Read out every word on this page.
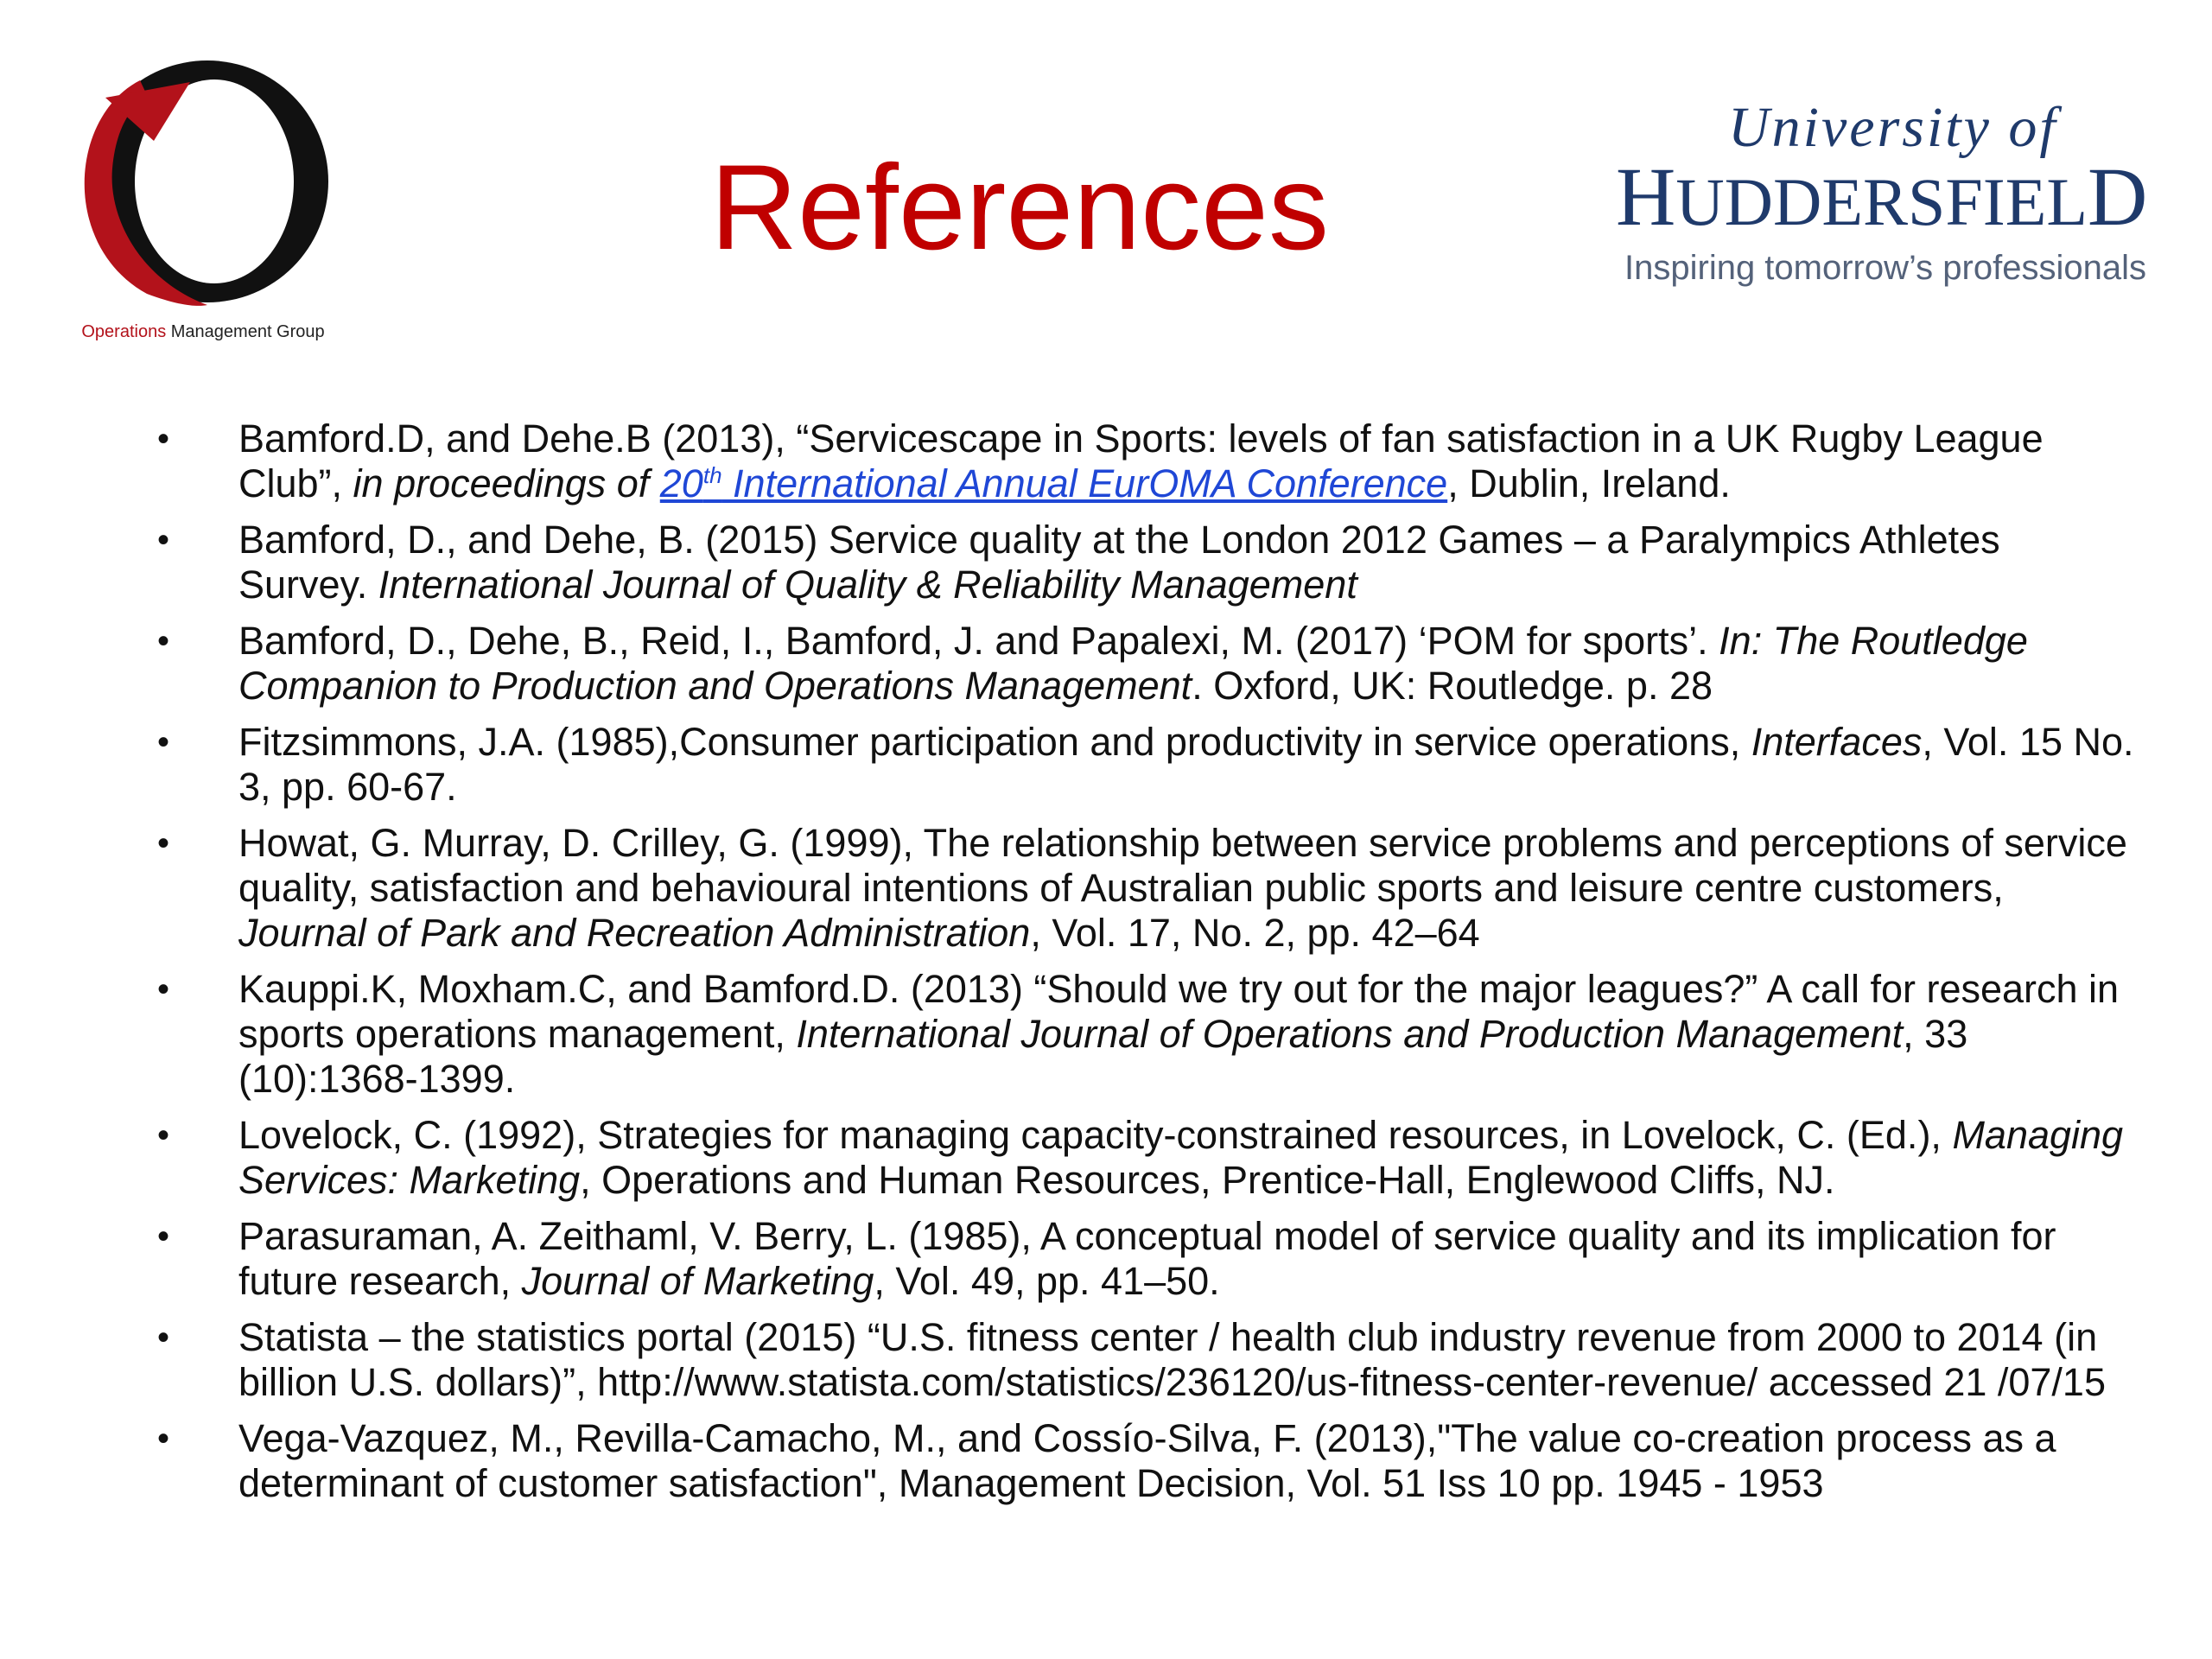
Operations Management Group
References
University of
HUDDERSFIELD
Inspiring tomorrow’s professionals
• Bamford.D, and Dehe.B (2013), “Servicescape in Sports: levels of fan satisfaction in a UK Rugby League Club”, in proceedings of 20th International Annual EurOMA Conference, Dublin, Ireland.
• Bamford, D., and Dehe, B. (2015) Service quality at the London 2012 Games – a Paralympics Athletes Survey. International Journal of Quality & Reliability Management
• Bamford, D., Dehe, B., Reid, I., Bamford, J. and Papalexi, M. (2017) ‘POM for sports’. In: The Routledge Companion to Production and Operations Management. Oxford, UK: Routledge. p. 28
• Fitzsimmons, J.A. (1985),Consumer participation and productivity in service operations, Interfaces, Vol. 15 No. 3, pp. 60-67.
• Howat, G. Murray, D. Crilley, G. (1999), The relationship between service problems and perceptions of service quality, satisfaction and behavioural intentions of Australian public sports and leisure centre customers, Journal of Park and Recreation Administration, Vol. 17, No. 2, pp. 42–64
• Kauppi.K, Moxham.C, and Bamford.D. (2013) “Should we try out for the major leagues?” A call for research in sports operations management, International Journal of Operations and Production Management, 33 (10):1368-1399.
• Lovelock, C. (1992), Strategies for managing capacity-constrained resources, in Lovelock, C. (Ed.), Managing Services: Marketing, Operations and Human Resources, Prentice-Hall, Englewood Cliffs, NJ.
• Parasuraman, A. Zeithaml, V. Berry, L. (1985), A conceptual model of service quality and its implication for future research, Journal of Marketing, Vol. 49, pp. 41–50.
• Statista – the statistics portal (2015) “U.S. fitness center / health club industry revenue from 2000 to 2014 (in billion U.S. dollars)”, http://www.statista.com/statistics/236120/us-fitness-center-revenue/ accessed 21 /07/15
• Vega-Vazquez, M., Revilla-Camacho, M., and Cossío-Silva, F. (2013),"The value co-creation process as a determinant of customer satisfaction", Management Decision, Vol. 51 Iss 10 pp. 1945 - 1953
